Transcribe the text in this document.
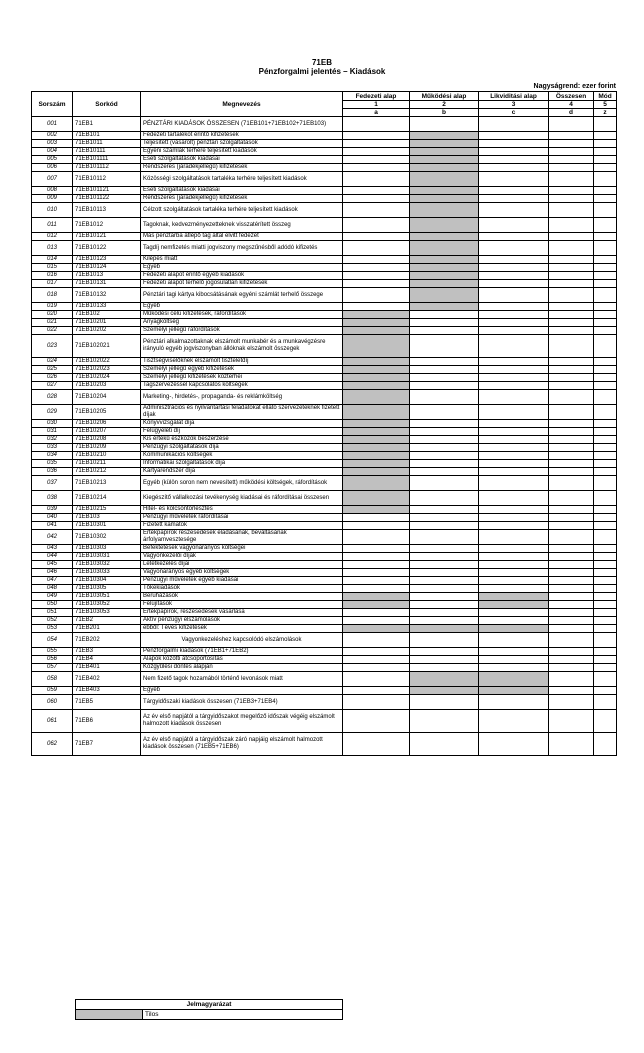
71EB
Pénzforgalmi jelentés – Kiadások
Nagyságrend: ezer forint
Sorszám	Sorkód	Megnevezés	Fedezeti alap	Működési alap	Likviditási alap	Összesen	Mód
			1	2	3	4	5
			a	b	c	d	z
001	71EB1	PÉNZTÁRI KIADÁSOK ÖSSZESEN (71EB101+71EB102+71EB103)					
002	71EB101	Fedezeti tartalékot érintő kifizetések					
003	71EB1011	Teljesített (vásárolt) pénztári szolgáltatások					
004	71EB10111	Egyéni számlák terhére teljesített kiadások					
005	71EB101111	Eseti szolgáltatások kiadásai					
006	71EB101112	Rendszeres (járadékjellegű) kifizetések					
007	71EB10112	Közösségi szolgáltatások tartaléka terhére teljesített kiadások					
008	71EB101121	Eseti szolgáltatások kiadásai					
009	71EB101122	Rendszeres (járadékjellegű) kifizetések					
010	71EB10113	Célzott szolgáltatások tartaléka terhére teljesített kiadások					
011	71EB1012	Tagoknak, kedvezményezetteknek visszatérített összeg					
012	71EB10121	Más pénztárba átlépő tag által elvitt fedezet					
013	71EB10122	Tagdíj nemfizetés miatti jogviszony megszűnésből adódó kifizetés					
014	71EB10123	Kilépés miatt					
015	71EB10124	Egyéb					
016	71EB1013	Fedezeti alapot érintő egyéb kiadások					
017	71EB10131	Fedezeti alapot terhelő jogosulatlan kifizetések					
018	71EB10132	Pénztári tagi kártya kibocsátásának egyéni számlát terhelő összege					
019	71EB10133	Egyéb					
020	71EB102	Működési célú kifizetések, ráfordítások					
021	71EB10201	Anyagköltség					
022	71EB10202	Személyi jellegű ráfordítások					
023	71EB102021	Pénztári alkalmazottaknak elszámolt munkabér és a munkavégzésre irányuló egyéb jogviszonyban állóknak elszámolt összegek					
024	71EB102022	Tisztségviselőknek elszámolt tiszteletdíj					
025	71EB102023	Személyi jellegű egyéb kifizetések					
026	71EB102024	Személyi jellegű kifizetések közterhei					
027	71EB10203	Tagszervezéssel kapcsolatos költségek					
028	71EB10204	Marketing-, hirdetés-, propaganda- és reklámköltség					
029	71EB10205	Adminisztrációs és nyilvántartási feladatokat ellátó szervezeteknek fizetett díjak					
030	71EB10206	Könyvvizsgálat díja					
031	71EB10207	Felügyeleti díj					
032	71EB10208	Kis értékű eszközök beszerzése					
033	71EB10209	Pénzügyi szolgáltatások díja					
034	71EB10210	Kommunikációs költségek					
035	71EB10211	Informatikai szolgáltatások díja					
036	71EB10212	Kártyarendszer díja					
037	71EB10213	Egyéb (külön soron nem nevesített) működési költségek, ráfordítások					
038	71EB10214	Kiegészítő vállalkozási tevékenység kiadásai és ráfordításai összesen					
039	71EB10215	Hitel- és kölcsöntörlesztés					
040	71EB103	Pénzügyi műveletek ráfordításai					
041	71EB10301	Fizetett kamatok					
042	71EB10302	Értékpapírok részesedések eladásának, beváltásának árfolyamvesztesége					
043	71EB10303	Befektetések vagyonarányos költségei					
044	71EB103031	Vagyonkezelői díjak					
045	71EB103032	Letétkezelés díjai					
046	71EB103033	Vagyonarányos egyéb költségek					
047	71EB10304	Pénzügyi műveletek egyéb kiadásai					
048	71EB10305	Tőkekiadások					
049	71EB103051	Beruházások					
050	71EB103052	Felújítások					
051	71EB103053	Értékpapírok, részesedések vásárlása					
052	71EB2	Aktív pénzügyi elszámolások					
053	71EB201	ebből: Téves kifizetések					
054	71EB202	Vagyonkezeléshez kapcsolódó elszámolások					
055	71EB3	Pénzforgalmi kiadások (71EB1+71EB2)					
056	71EB4	Alapok közötti átcsoportosítás					
057	71EB401	Közgyűlési döntés alapján					
058	71EB402	Nem fizető tagok hozamából történő levonások miatt					
059	71EB403	Egyéb					
060	71EB5	Tárgyidőszaki kiadások összesen (71EB3+71EB4)					
061	71EB6	Az év első napjától a tárgyidőszakot megelőző időszak végéig elszámolt halmozott kiadások összesen					
062	71EB7	Az év első napjától a tárgyidőszak záró napjáig elszámolt halmozott kiadások összesen (71EB5+71EB6)					
Jelmagyarázat
	Tilos
